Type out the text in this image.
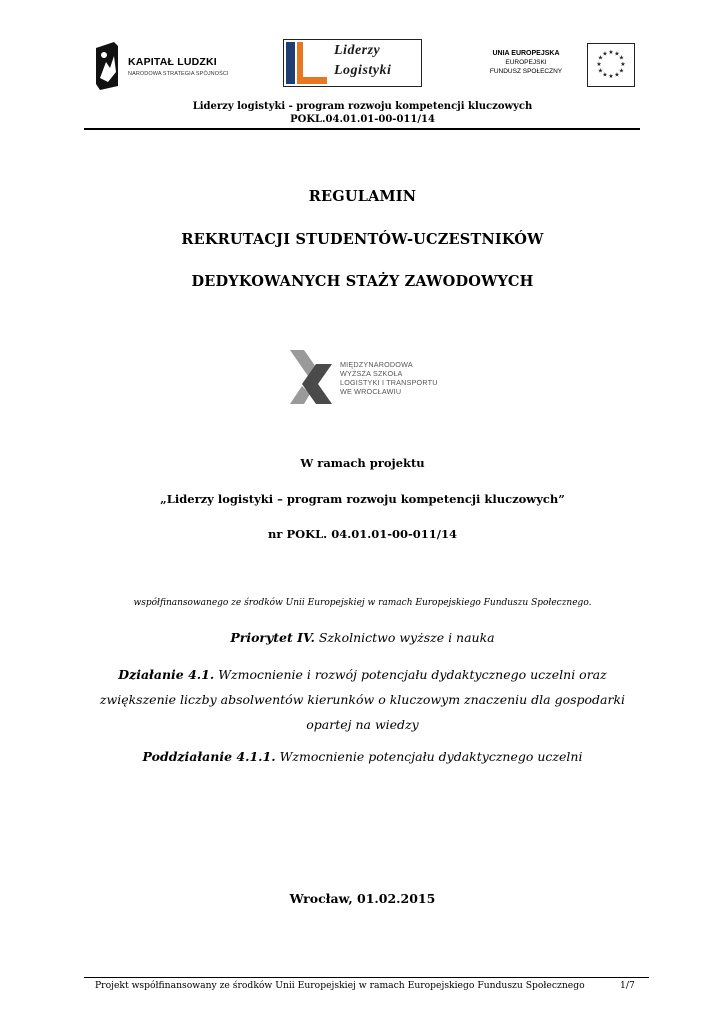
KAPITAŁ LUDZKI
NARODOWA STRATEGIA SPÓJNOŚCI
Liderzy
Logistyki
UNIA EUROPEJSKA
EUROPEJSKI
FUNDUSZ SPOŁECZNY
★ ★
★
★
★
★
★
★
★
★
★
★
Liderzy logistyki - program rozwoju kompetencji kluczowych
POKL.04.01.01-00-011/14
REGULAMIN
REKRUTACJI STUDENTÓW-UCZESTNIKÓW
DEDYKOWANYCH STAŻY ZAWODOWYCH
MIĘDZYNARODOWA
WYŻSZA SZKOŁA
LOGISTYKI I TRANSPORTU
WE WROCŁAWIU
W ramach projektu
„Liderzy logistyki – program rozwoju kompetencji kluczowych”
nr POKL. 04.01.01-00-011/14
współfinansowanego ze środków Unii Europejskiej w ramach Europejskiego Funduszu Społecznego.
Priorytet IV. Szkolnictwo wyższe i nauka
Działanie 4.1. Wzmocnienie i rozwój potencjału dydaktycznego uczelni oraz
zwiększenie liczby absolwentów kierunków o kluczowym znaczeniu dla gospodarki
opartej na wiedzy
Poddziałanie 4.1.1. Wzmocnienie potencjału dydaktycznego uczelni
Wrocław, 01.02.2015
Projekt współfinansowany ze środków Unii Europejskiej w ramach Europejskiego Funduszu Społecznego	1/7
